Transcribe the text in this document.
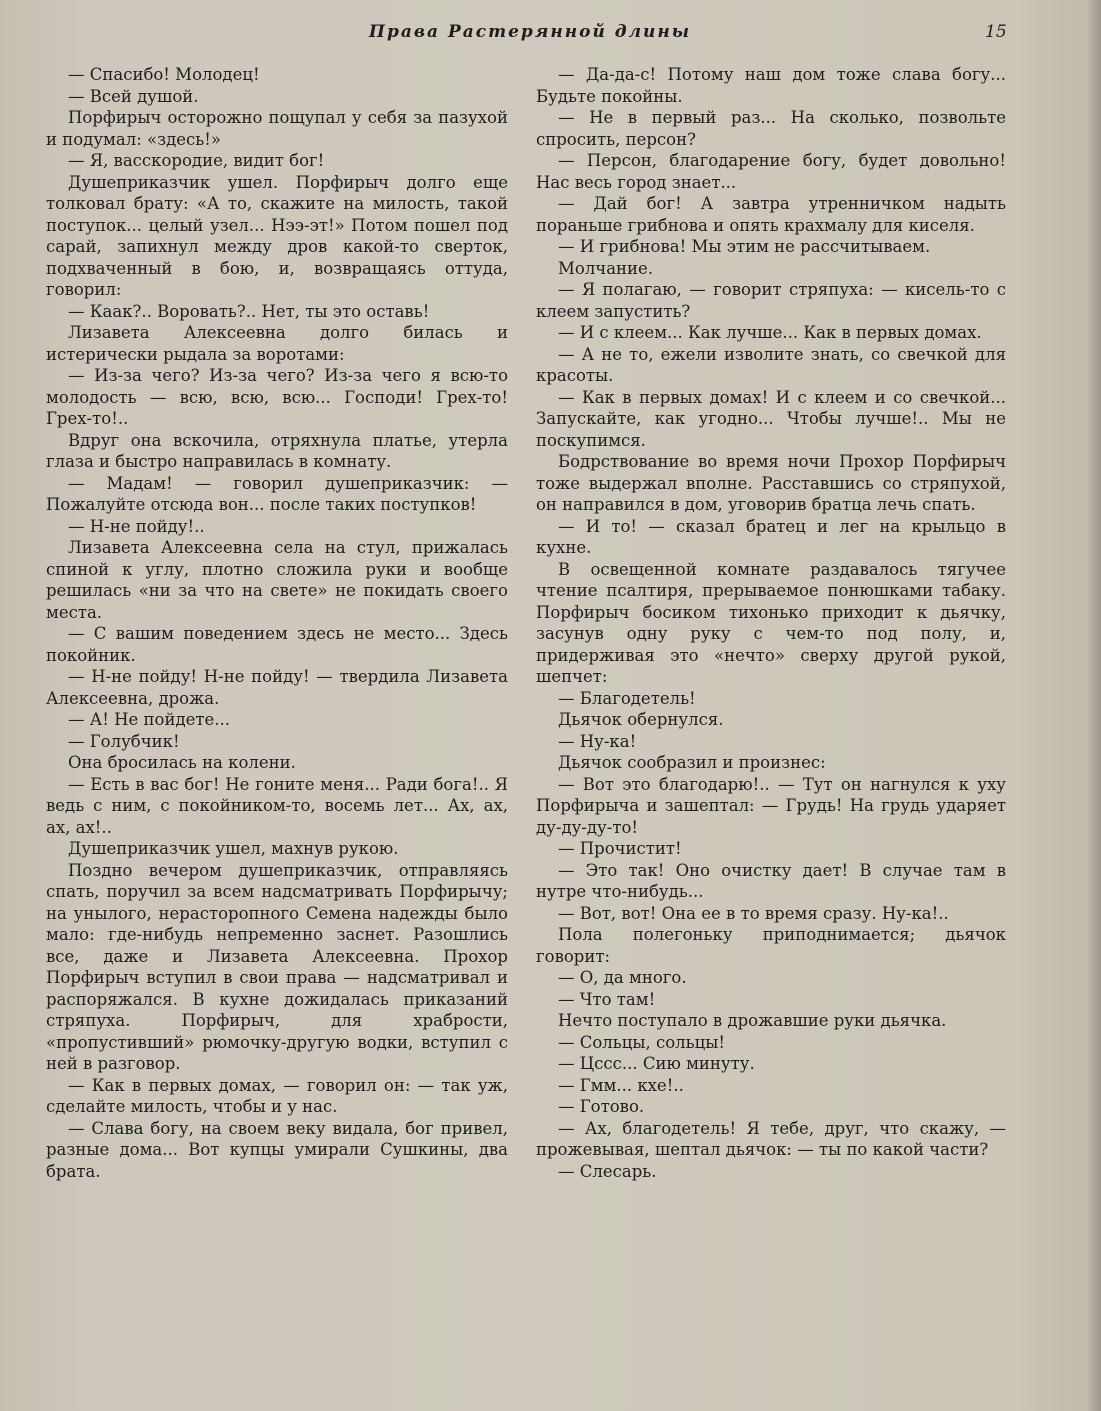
Права Растерянной длины	15

— Спасибо! Молодец!

— Всей душой.

Порфирыч осторожно пощупал у себя за пазухой и подумал: «здесь!»

— Я, васскородие, видит бог!

Душеприказчик ушел. Порфирыч долго еще толковал брату: «А то, скажите на милость, такой поступок... целый узел... Нээ-эт!» Потом пошел под сарай, запихнул между дров какой-то сверток, подхваченный в бою, и, возвращаясь оттуда, говорил:

— Каак?.. Воровать?.. Нет, ты это оставь!

Лизавета Алексеевна долго билась и истерически рыдала за воротами:

— Из-за чего? Из-за чего? Из-за чего я всю-то молодость — всю, всю, всю... Господи! Грех-то! Грех-то!..

Вдруг она вскочила, отряхнула платье, утерла глаза и быстро направилась в комнату.

— Мадам! — говорил душеприказчик: — Пожалуйте отсюда вон... после таких поступков!

— Н-не пойду!..

Лизавета Алексеевна села на стул, прижалась спиной к углу, плотно сложила руки и вообще решилась «ни за что на свете» не покидать своего места.

— С вашим поведением здесь не место... Здесь покойник.

— Н-не пойду! Н-не пойду! — твердила Лизавета Алексеевна, дрожа.

— А! Не пойдете...

— Голубчик!

Она бросилась на колени.

— Есть в вас бог! Не гоните меня... Ради бога!.. Я ведь с ним, с покойником-то, восемь лет... Ах, ах, ах, ах!..

Душеприказчик ушел, махнув рукою.

Поздно вечером душеприказчик, отправляясь спать, поручил за всем надсматривать Порфирычу; на унылого, нерасторопного Семена надежды было мало: где-нибудь непременно заснет. Разошлись все, даже и Лизавета Алексеевна. Прохор Порфирыч вступил в свои права — надсматривал и распоряжался. В кухне дожидалась приказаний стряпуха. Порфирыч, для храбрости, «пропустивший» рюмочку-другую водки, вступил с ней в разговор.

— Как в первых домах, — говорил он: — так уж, сделайте милость, чтобы и у нас.

— Слава богу, на своем веку видала, бог привел, разные дома... Вот купцы умирали Сушкины, два брата.

— Да-да-с! Потому наш дом тоже слава богу... Будьте покойны.

— Не в первый раз... На сколько, позвольте спросить, персон?

— Персон, благодарение богу, будет довольно! Нас весь город знает...

— Дай бог! А завтра утренничком надыть пораньше грибнова и опять крахмалу для киселя.

— И грибнова! Мы этим не рассчитываем.

Молчание.

— Я полагаю, — говорит стряпуха: — кисель-то с клеем запустить?

— И с клеем... Как лучше... Как в первых домах.

— А не то, ежели изволите знать, со свечкой для красоты.

— Как в первых домах! И с клеем и со свечкой... Запускайте, как угодно... Чтобы лучше!.. Мы не поскупимся.

Бодрствование во время ночи Прохор Порфирыч тоже выдержал вполне. Расставшись со стряпухой, он направился в дом, уговорив братца лечь спать.

— И то! — сказал братец и лег на крыльцо в кухне.

В освещенной комнате раздавалось тягучее чтение псалтиря, прерываемое понюшками табаку. Порфирыч босиком тихонько приходит к дьячку, засунув одну руку с чем-то под полу, и, придерживая это «нечто» сверху другой рукой, шепчет:

— Благодетель!

Дьячок обернулся.

— Ну-ка!

Дьячок сообразил и произнес:

— Вот это благодарю!.. — Тут он нагнулся к уху Порфирыча и зашептал: — Грудь! На грудь ударяет ду-ду-ду-то!

— Прочистит!

— Это так! Оно очистку дает! В случае там в нутре что-нибудь...

— Вот, вот! Она ее в то время сразу. Ну-ка!..

Пола полегоньку приподнимается; дьячок говорит:

— О, да много.

— Что там!

Нечто поступало в дрожавшие руки дьячка.

— Сольцы, сольцы!

— Цссс... Сию минуту.

— Гмм... кхе!..

— Готово.

— Ах, благодетель! Я тебе, друг, что скажу, — прожевывая, шептал дьячок: — ты по какой части?

— Слесарь.
